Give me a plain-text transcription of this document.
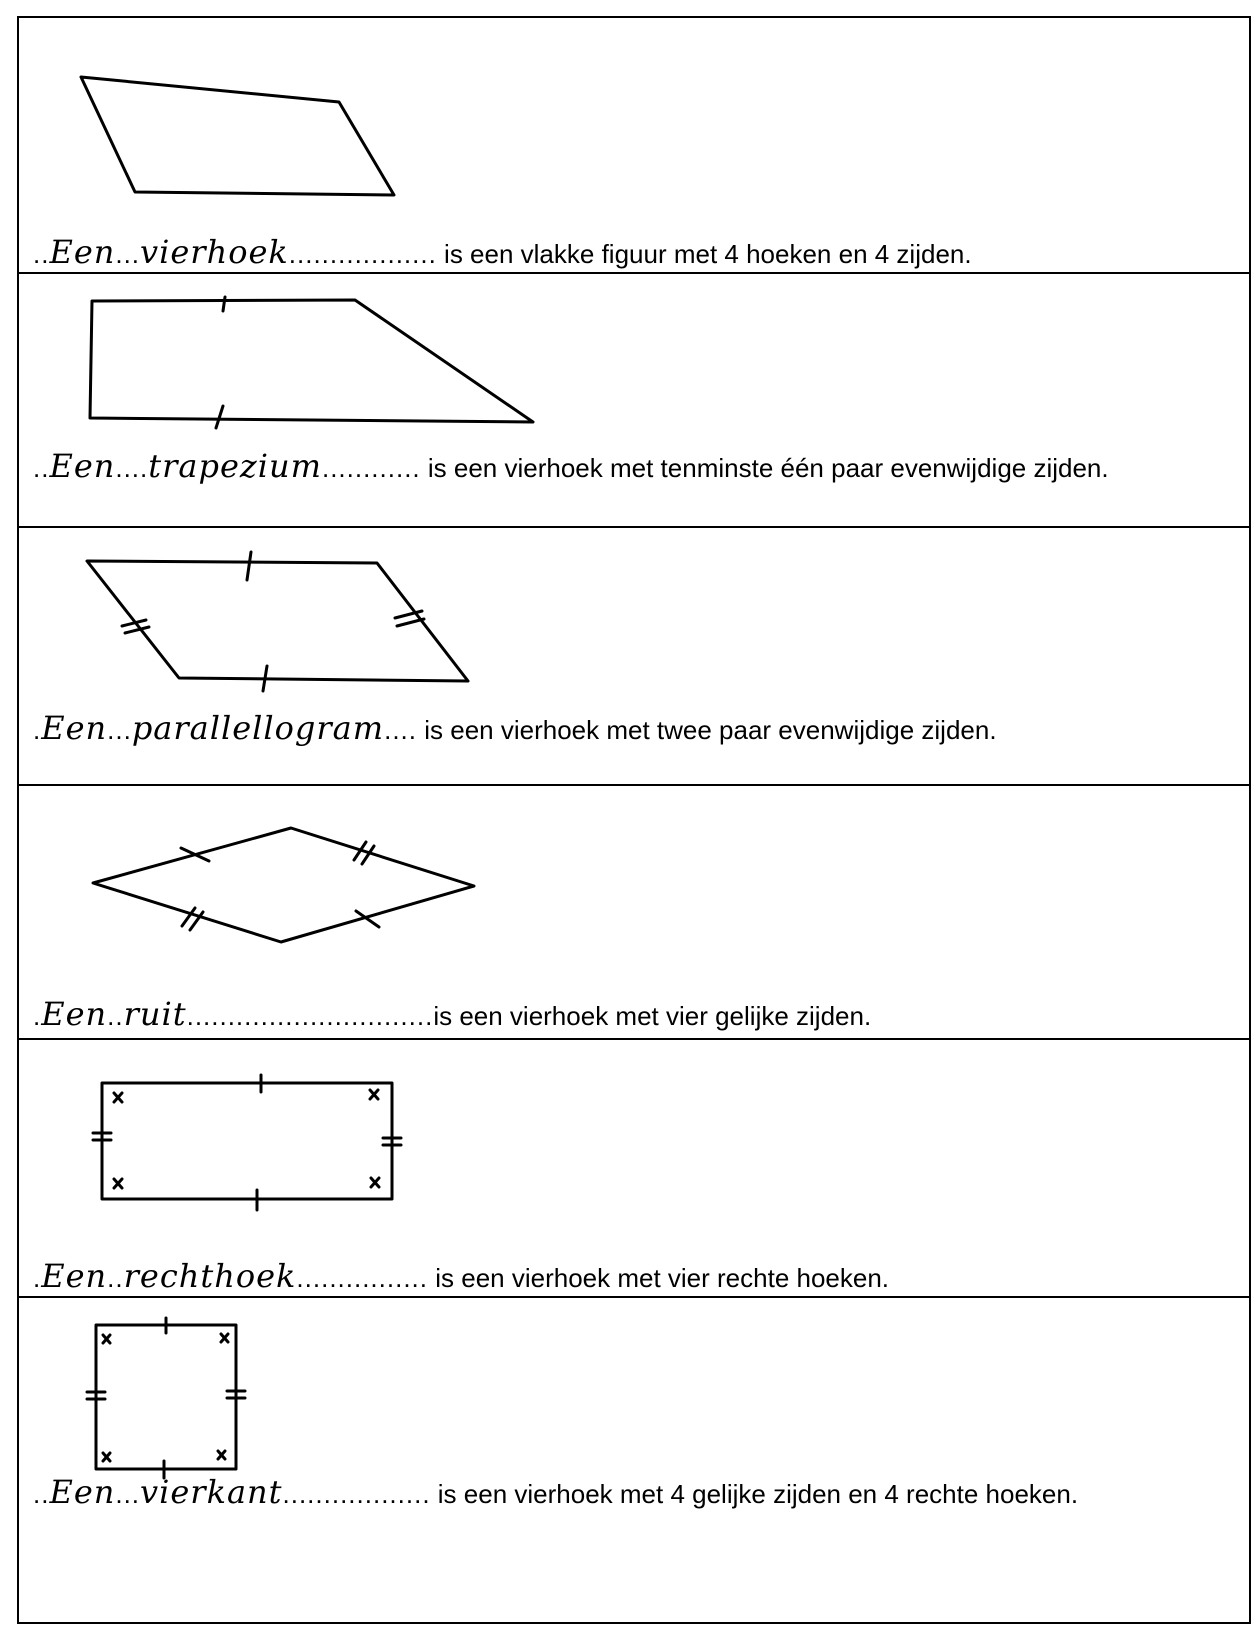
..Een...vierhoek.................. is een vlakke figuur met 4 hoeken en 4 zijden.
..Een....trapezium............ is een vierhoek met tenminste één paar evenwijdige zijden.
.Een...parallellogram.... is een vierhoek met twee paar evenwijdige zijden.
.Een..ruit..............................is een vierhoek met vier gelijke zijden.
.Een..rechthoek................ is een vierhoek met vier rechte hoeken.
..Een...vierkant.................. is een vierhoek met 4 gelijke zijden en 4 rechte hoeken.
